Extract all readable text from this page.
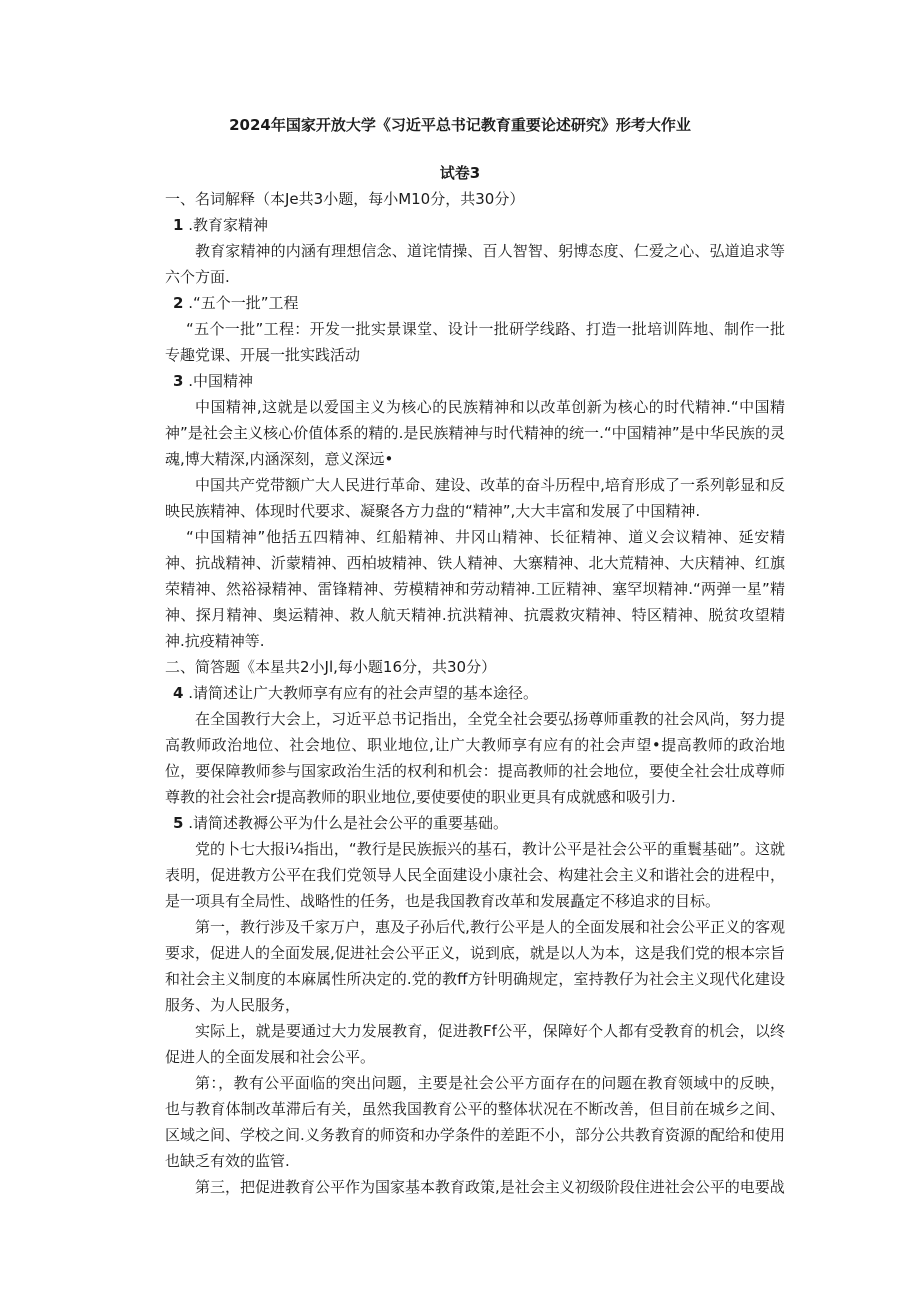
2024年国家开放大学《习近平总书记教育重要论述研究》形考大作业
试卷3

一、名词解释（本Je共3小题，每小M10分，共30分）

1 .教育家精神

教育家精神的内涵有理想信念、道诧情操、百人智智、躬博态度、仁爱之心、弘道追求等六个方面.

2 .“五个一批”工程

“五个一批”工程：开发一批实景课堂、设计一批研学线路、打造一批培训阵地、制作一批专趣党课、开展一批实践活动

3 .中国精神

中国精神,这就是以爱国主义为核心的民族精神和以改革创新为核心的时代精神.“中国精神”是社会主义核心价值体系的精的.是民族精神与时代精神的统一.“中国精神”是中华民族的灵魂,博大精深,内涵深刻，意义深远•

中国共产党带额广大人民进行革命、建设、改革的奋斗历程中,培育形成了一系列彰显和反映民族精神、体现时代要求、凝聚各方力盘的“精神”,大大丰富和发展了中国精神.

“中国精神”他括五四精神、红船精神、井冈山精神、长征精神、道义会议精神、延安精神、抗战精神、沂蒙精神、西柏坡精神、铁人精神、大寨精神、北大荒精神、大庆精神、红旗荣精神、然裕禄精神、雷锋精神、劳模精神和劳动精神.工匠精神、塞罕坝精神.“两弹一星”精神、探月精神、奥运精神、救人航天精神.抗洪精神、抗震救灾精神、特区精神、脱贫攻望精神.抗疫精神等.

二、简答题《本星共2小Jl,每小题16分，共30分）

4 .请简述让广大教师享有应有的社会声望的基本途径。

在全国教行大会上，习近平总书记指出，全党全社会要弘扬尊师重教的社会风尚，努力提高教师政治地位、社会地位、职业地位,让广大教师享有应有的社会声望•提高教师的政治地位，要保障教师参与国家政治生活的权利和机会：提高教师的社会地位，要使全社会壮成尊师尊教的社会社会r提高教师的职业地位,要使要使的职业更具有成就感和吸引力.

5 .请简述教褥公平为什么是社会公平的重要基础。

党的卜七大报i¼指出，“教行是民族振兴的基石，教计公平是社会公平的重鬟基础”。这就表明，促进教方公平在我们党领导人民全面建设小康社会、构建社会主义和谐社会的进程中，是一项具有全局性、战略性的任务，也是我国教育改革和发展矗定不移追求的目标。

第一，教行涉及千家万户，惠及子孙后代,教行公平是人的全面发展和社会公平正义的客观要求，促进人的全面发展,促进社会公平正义，说到底，就是以人为本，这是我们党的根本宗旨和社会主义制度的本麻属性所决定的.党的教ff方针明确规定，室持教仔为社会主义现代化建设服务、为人民服务，

实际上，就是要通过大力发展教育，促进教Ff公平，保障好个人都有受教育的机会，以终促进人的全面发展和社会公平。

第：，教有公平面临的突出问题，主要是社会公平方面存在的问题在教育领域中的反映，也与教育体制改革滞后有关，虽然我国教育公平的整体状况在不断改善，但目前在城乡之间、区域之间、学校之间.义务教育的师资和办学条件的差距不小，部分公共教育资源的配给和使用也缺乏有效的监管.

第三，把促进教育公平作为国家基本教育政策,是社会主义初级阶段住进社会公平的电要战
